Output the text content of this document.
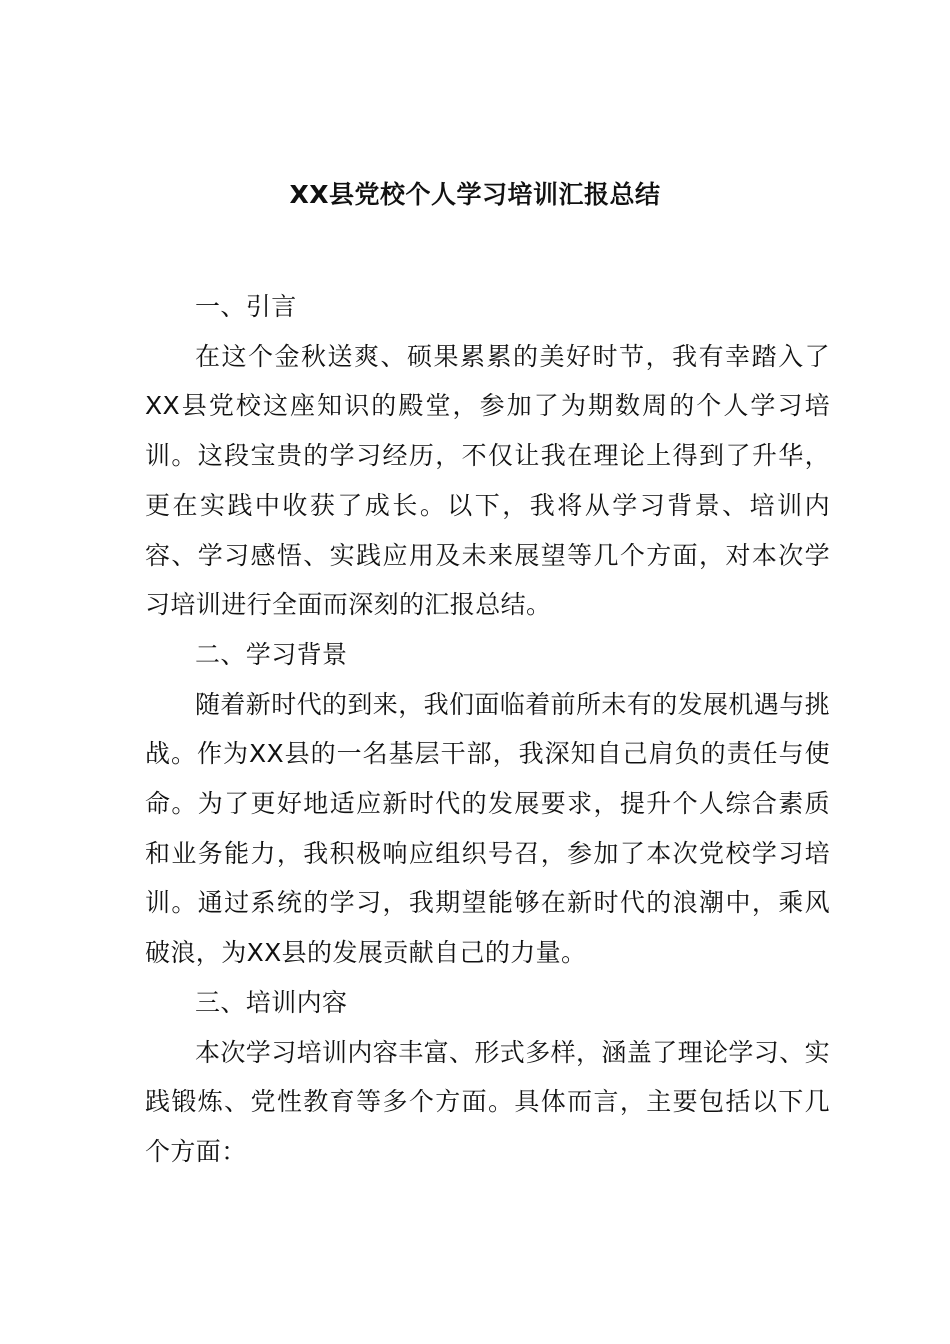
XX县党校个人学习培训汇报总结
一、引言

在这个金秋送爽、硕果累累的美好时节，我有幸踏入了XX县党校这座知识的殿堂，参加了为期数周的个人学习培训。这段宝贵的学习经历，不仅让我在理论上得到了升华，更在实践中收获了成长。以下，我将从学习背景、培训内容、学习感悟、实践应用及未来展望等几个方面，对本次学习培训进行全面而深刻的汇报总结。

二、学习背景

随着新时代的到来，我们面临着前所未有的发展机遇与挑战。作为XX县的一名基层干部，我深知自己肩负的责任与使命。为了更好地适应新时代的发展要求，提升个人综合素质和业务能力，我积极响应组织号召，参加了本次党校学习培训。通过系统的学习，我期望能够在新时代的浪潮中，乘风破浪，为XX县的发展贡献自己的力量。

三、培训内容

本次学习培训内容丰富、形式多样，涵盖了理论学习、实践锻炼、党性教育等多个方面。具体而言，主要包括以下几个方面：
